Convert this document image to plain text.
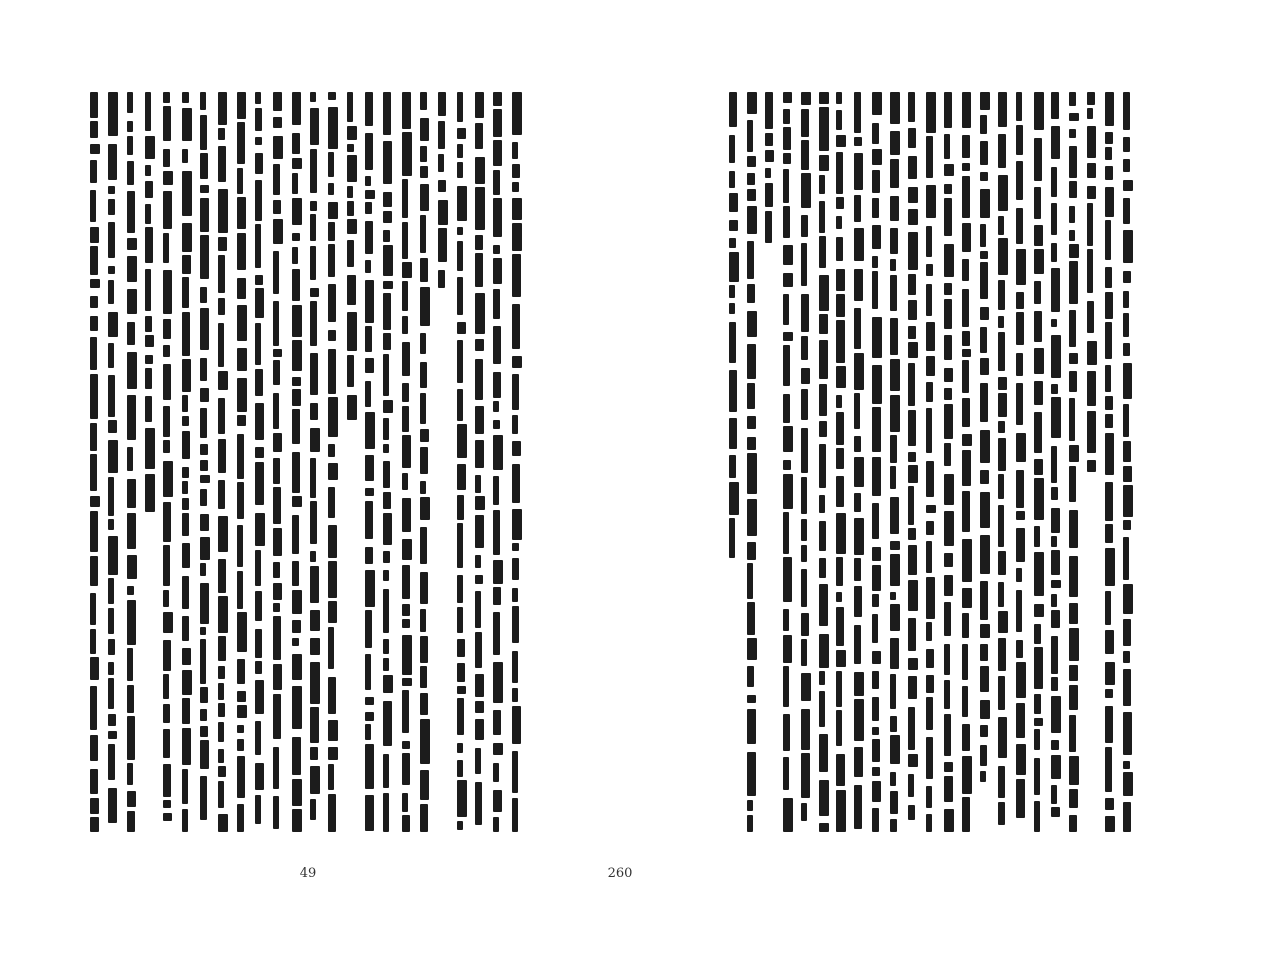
49	260
